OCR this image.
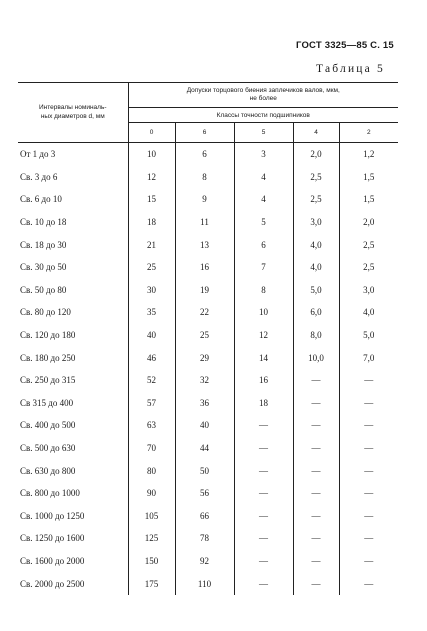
ГОСТ 3325—85 С. 15
Таблица 5
Интервалы номиналь-
ных диаметров d, мм	Допуски торцового биения заплечиков валов, мкм,
не более				
	Классы точности подшипников				
	0	6	5	4	2
От 1 до 3	10	6	3	2,0	1,2
Св. 3 до 6	12	8	4	2,5	1,5
Св. 6 до 10	15	9	4	2,5	1,5
Св. 10 до 18	18	11	5	3,0	2,0
Св. 18 до 30	21	13	6	4,0	2,5
Св. 30 до 50	25	16	7	4,0	2,5
Св. 50 до 80	30	19	8	5,0	3,0
Св. 80 до 120	35	22	10	6,0	4,0
Св. 120 до 180	40	25	12	8,0	5,0
Св. 180 до 250	46	29	14	10,0	7,0
Св. 250 до 315	52	32	16	—	—
Св 315 до 400	57	36	18	—	—
Св. 400 до 500	63	40	—	—	—
Св. 500 до 630	70	44	—	—	—
Св. 630 до 800	80	50	—	—	—
Св. 800 до 1000	90	56	—	—	—
Св. 1000 до 1250	105	66	—	—	—
Св. 1250 до 1600	125	78	—	—	—
Св. 1600 до 2000	150	92	—	—	—
Св. 2000 до 2500	175	110	—	—	—
